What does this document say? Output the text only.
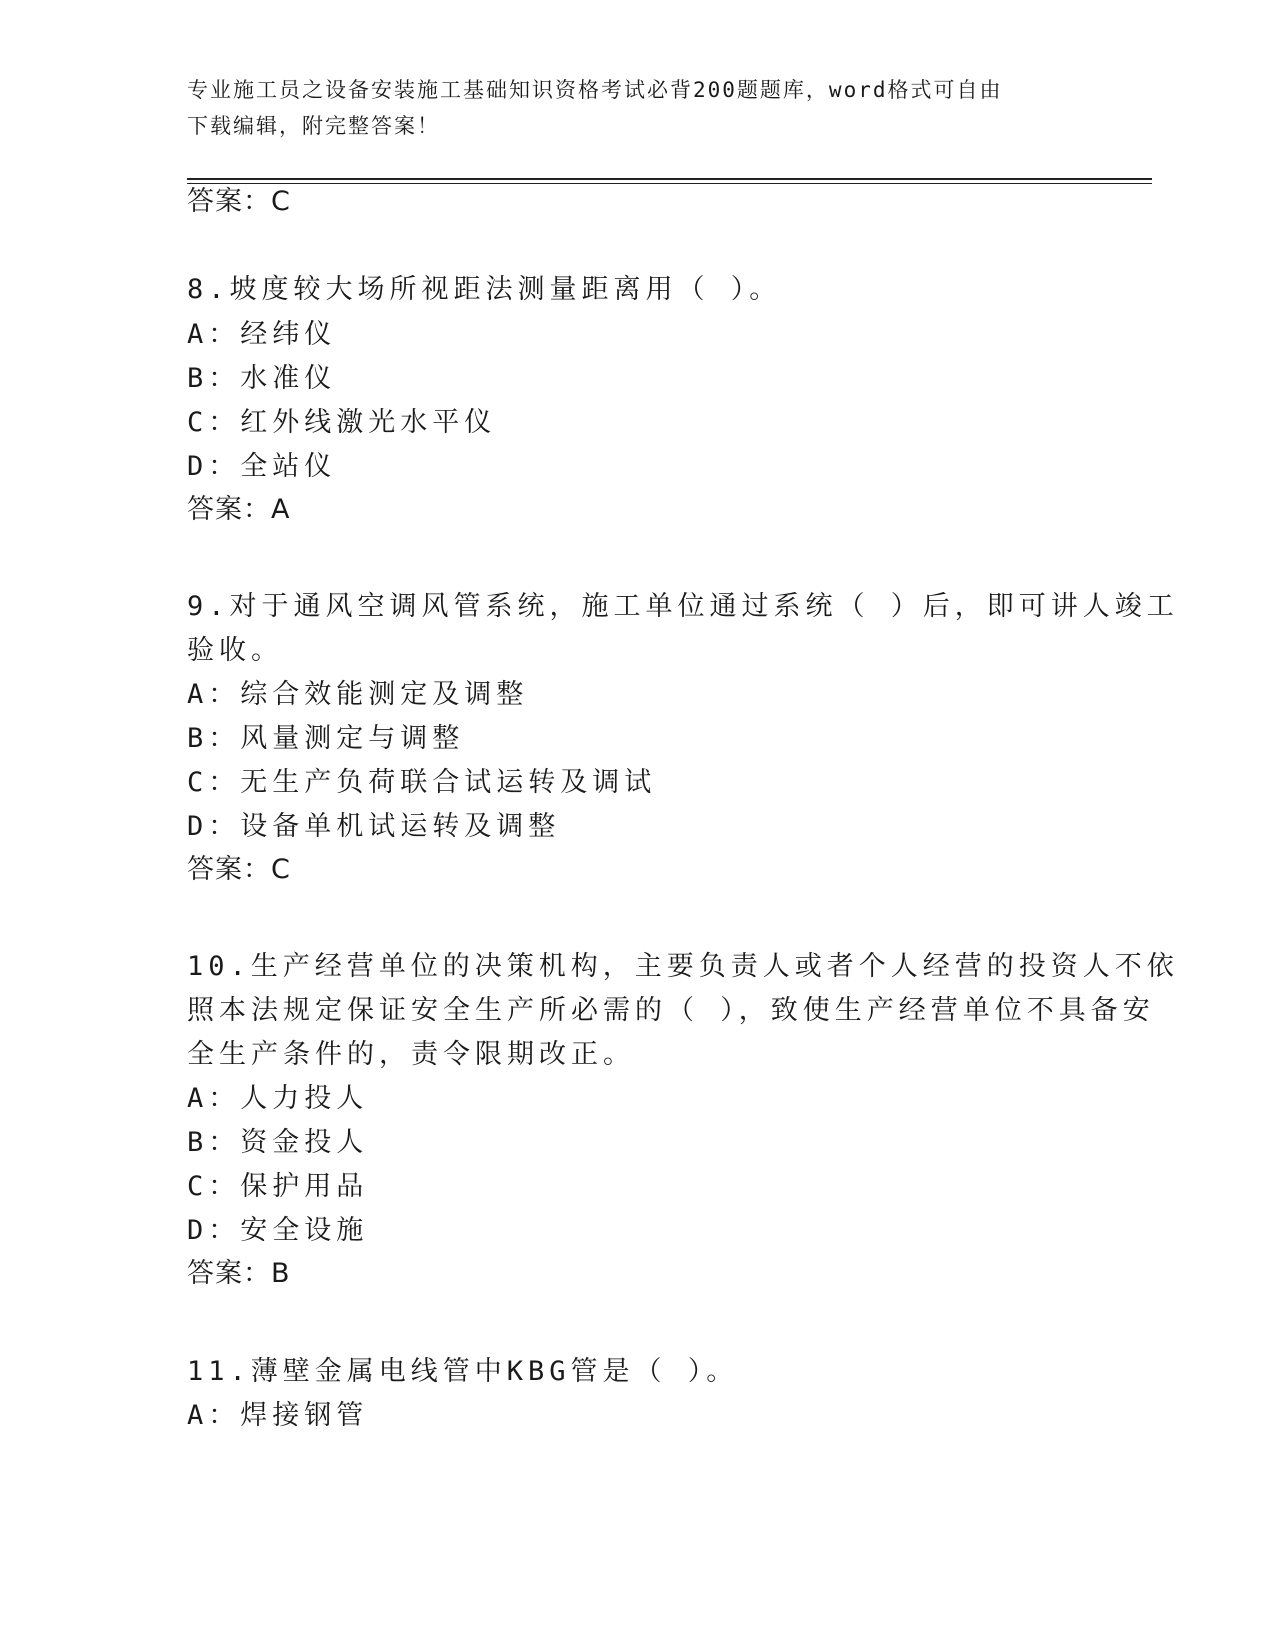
专业施工员之设备安装施工基础知识资格考试必背200题题库，word格式可自由
下载编辑，附完整答案！
答案：C
8.坡度较大场所视距法测量距离用（ ）。
A：经纬仪
B：水准仪
C：红外线激光水平仪
D：全站仪
答案：A
9.对于通风空调风管系统，施工单位通过系统（ ）后，即可讲人竣工
验收。
A：综合效能测定及调整
B：风量测定与调整
C：无生产负荷联合试运转及调试
D：设备单机试运转及调整
答案：C
10.生产经营单位的决策机构，主要负责人或者个人经营的投资人不依
照本法规定保证安全生产所必需的（ ），致使生产经营单位不具备安
全生产条件的，责令限期改正。
A：人力投人
B：资金投人
C：保护用品
D：安全设施
答案：B
11.薄壁金属电线管中KBG管是（ ）。
A：焊接钢管
